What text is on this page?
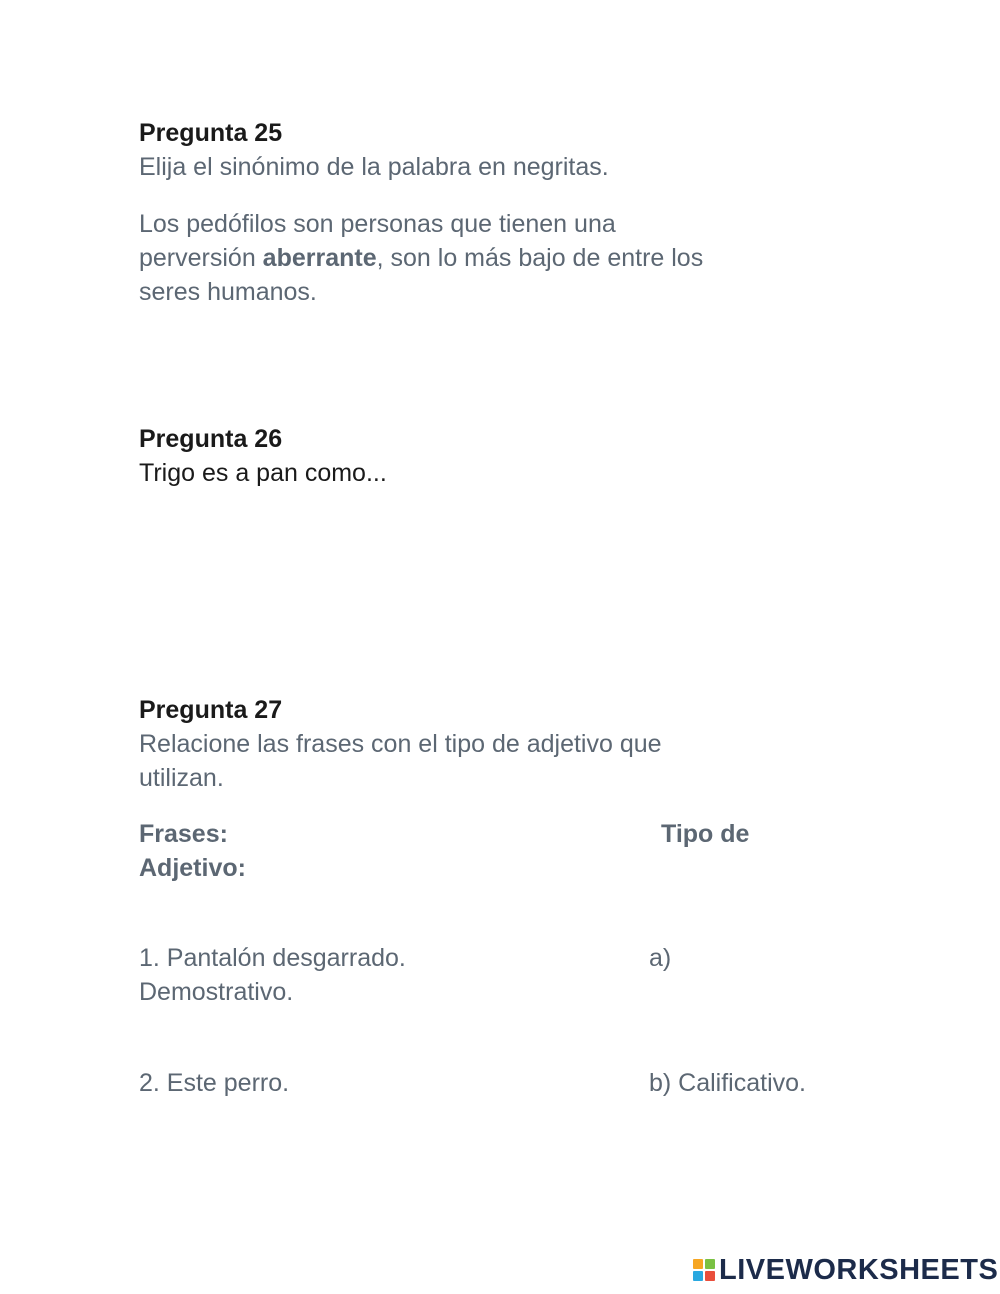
Pregunta 25
Elija el sinónimo de la palabra en negritas.
Los pedófilos son personas que tienen una
perversión aberrante, son lo más bajo de entre los
seres humanos.
Pregunta 26
Trigo es a pan como...
Pregunta 27
Relacione las frases con el tipo de adjetivo que
utilizan.
Frases:	Tipo de
Adjetivo:
1. Pantalón desgarrado.	a)
Demostrativo.
2. Este perro.	b) Calificativo.
LIVEWORKSHEETS
